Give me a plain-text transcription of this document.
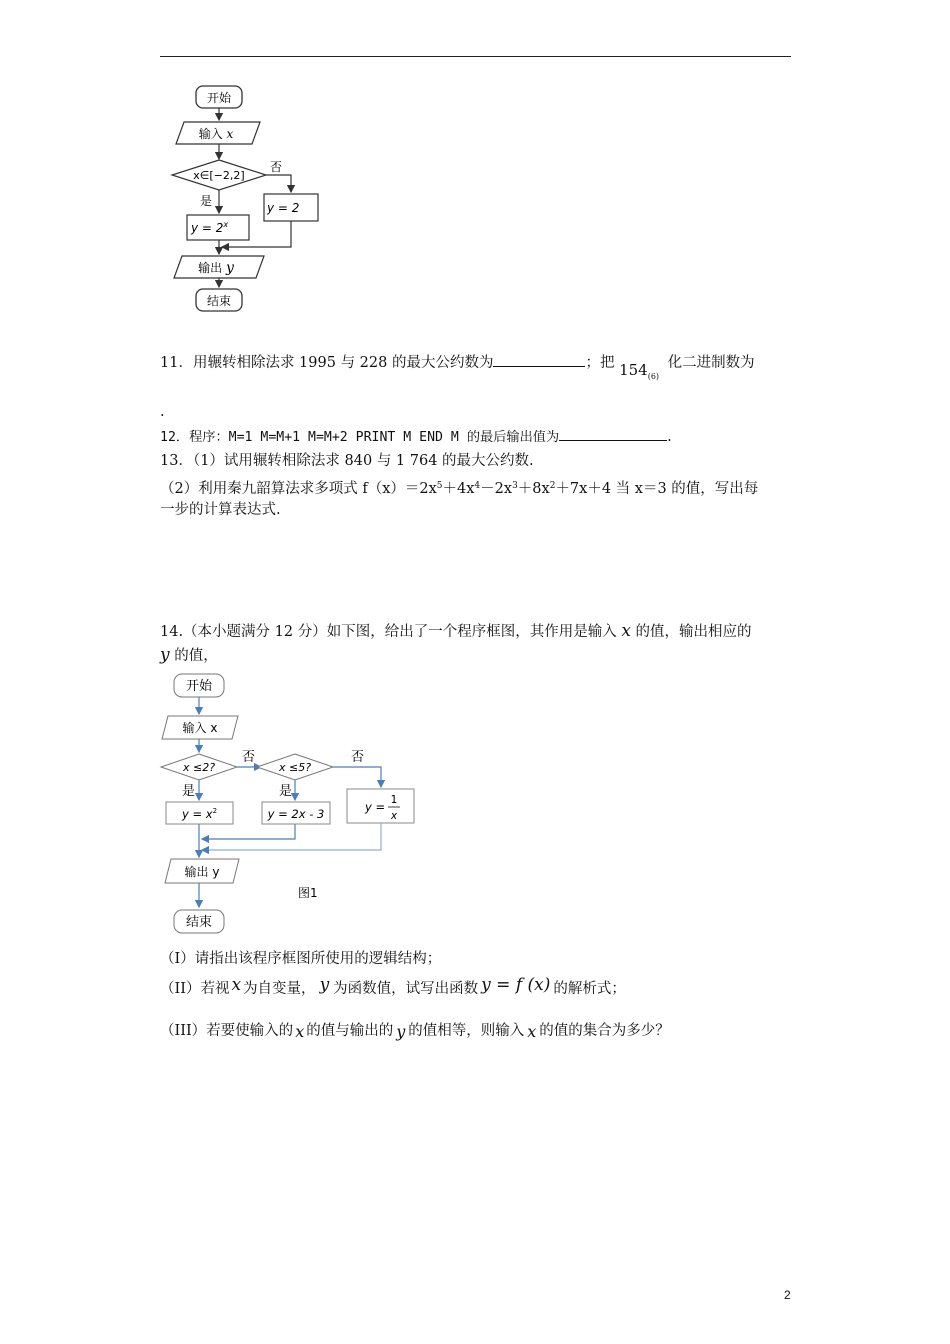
开始
输入 x
x∈[−2,2]
否
y = 2
是
$y = 2^x$
输出 y
结束
11．用辗转相除法求 1995 与 228 的最大公约数为	；把 $154_{(6)}$ 化二进制数为
.
12．程序：M=1 M=M+1 M=M+2 PRINT M END M 的最后输出值为	.
13．（1）试用辗转相除法求 840 与 1 764 的最大公约数.
（2）利用秦九韶算法求多项式 $f(x)=2x^5+4x^4-2x^3+8x^2+7x+4$ 当 x＝3 的值，写出每
一步的计算表达式.
14.（本小题满分 12 分）如下图，给出了一个程序框图，其作用是输入 x 的值，输出相应的
y 的值，
开始
输入 x
x ≤2?
否
x ≤5?
否
是	是
$y = x^2$	y = 2x - 3	y = 1
x
输出 y
结束
图1
（I）请指出该程序框图所使用的逻辑结构；
（II）若视 x 为自变量， y 为函数值，试写出函数 y = f (x) 的解析式；
（III）若要使输入的 x 的值与输出的 y 的值相等，则输入 x 的值的集合为多少？
2
